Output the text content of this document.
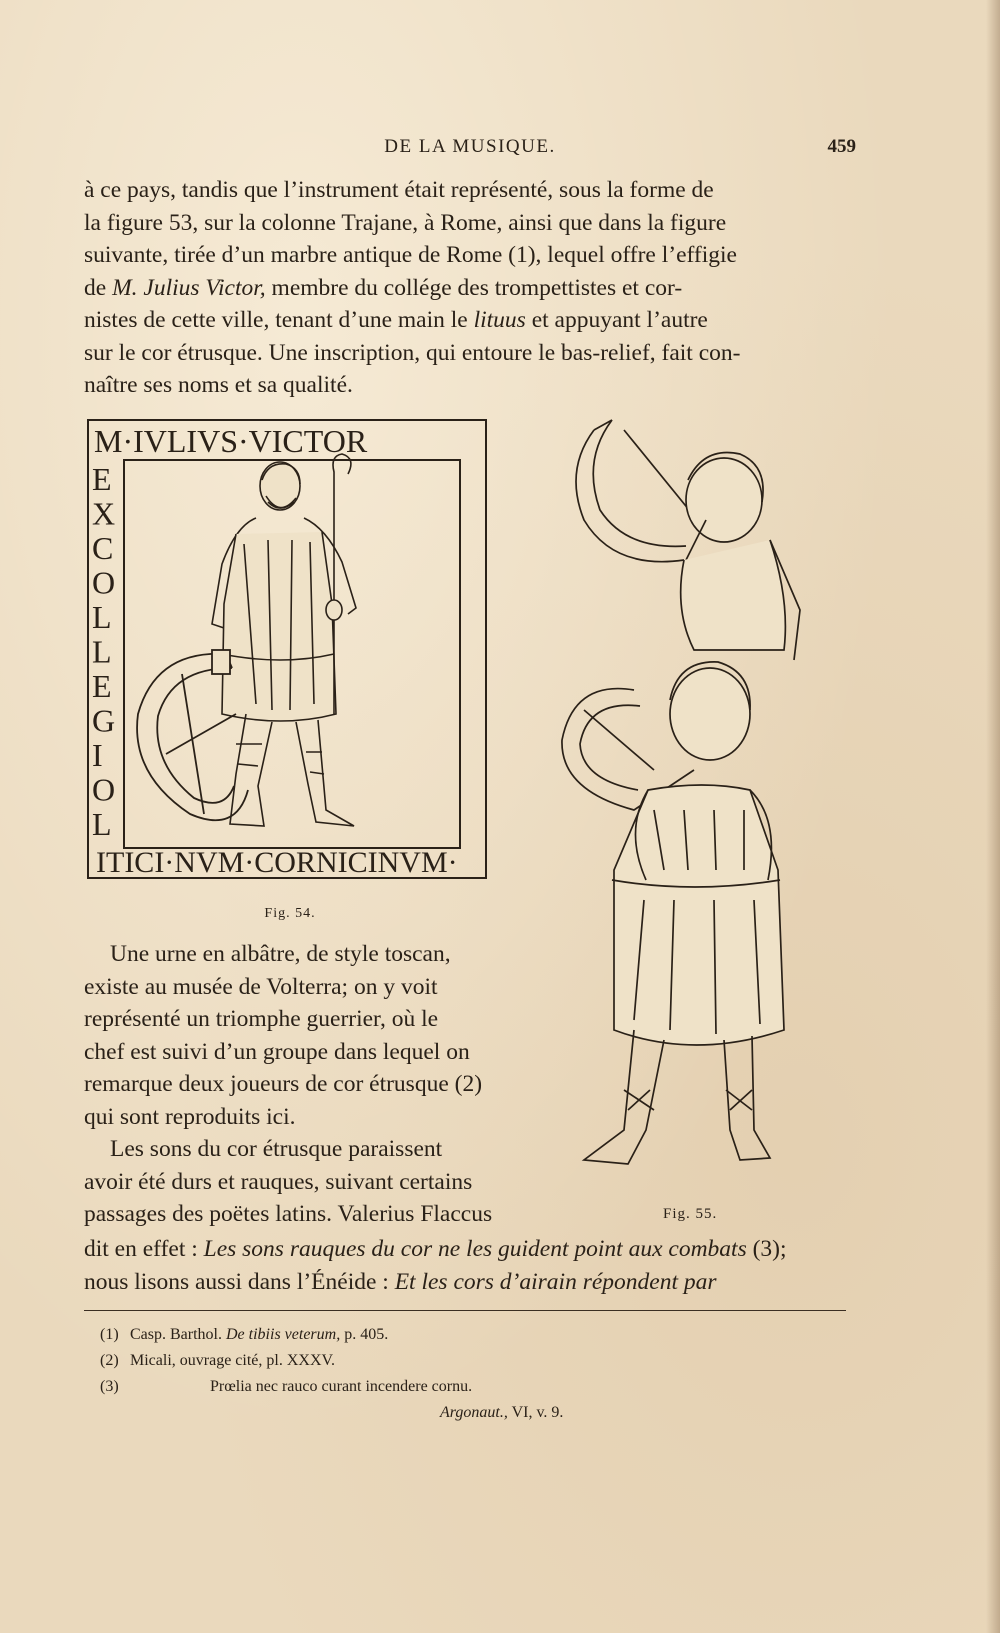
DE LA MUSIQUE.	459

à ce pays, tandis que l’instrument était représenté, sous la forme de

la figure 53, sur la colonne Trajane, à Rome, ainsi que dans la figure

suivante, tirée d’un marbre antique de Rome (1), lequel offre l’effigie

de M. Julius Victor, membre du collége des trompettistes et cor-

nistes de cette ville, tenant d’une main le lituus et appuyant l’autre

sur le cor étrusque. Une inscription, qui entoure le bas-relief, fait con-

naître ses noms et sa qualité.

M·IVLIVS·VICTOR
E
X
C
O
L
L
E
G
I
O
L
ITICI·NVM·CORNICINVM·
Fig. 54.
Fig. 55.

Une urne en albâtre, de style toscan,

existe au musée de Volterra; on y voit

représenté un triomphe guerrier, où le

chef est suivi d’un groupe dans lequel on

remarque deux joueurs de cor étrusque (2)

qui sont reproduits ici.

Les sons du cor étrusque paraissent

avoir été durs et rauques, suivant certains

passages des poëtes latins. Valerius Flaccus

dit en effet : Les sons rauques du cor ne les guident point aux combats (3);

nous lisons aussi dans l’Énéide : Et les cors d’airain répondent par

(1) Casp. Barthol. De tibiis veterum, p. 405.
(2) Micali, ouvrage cité, pl. XXXV.
(3)	Prœlia nec rauco curant incendere cornu.
Argonaut., VI, v. 9.
